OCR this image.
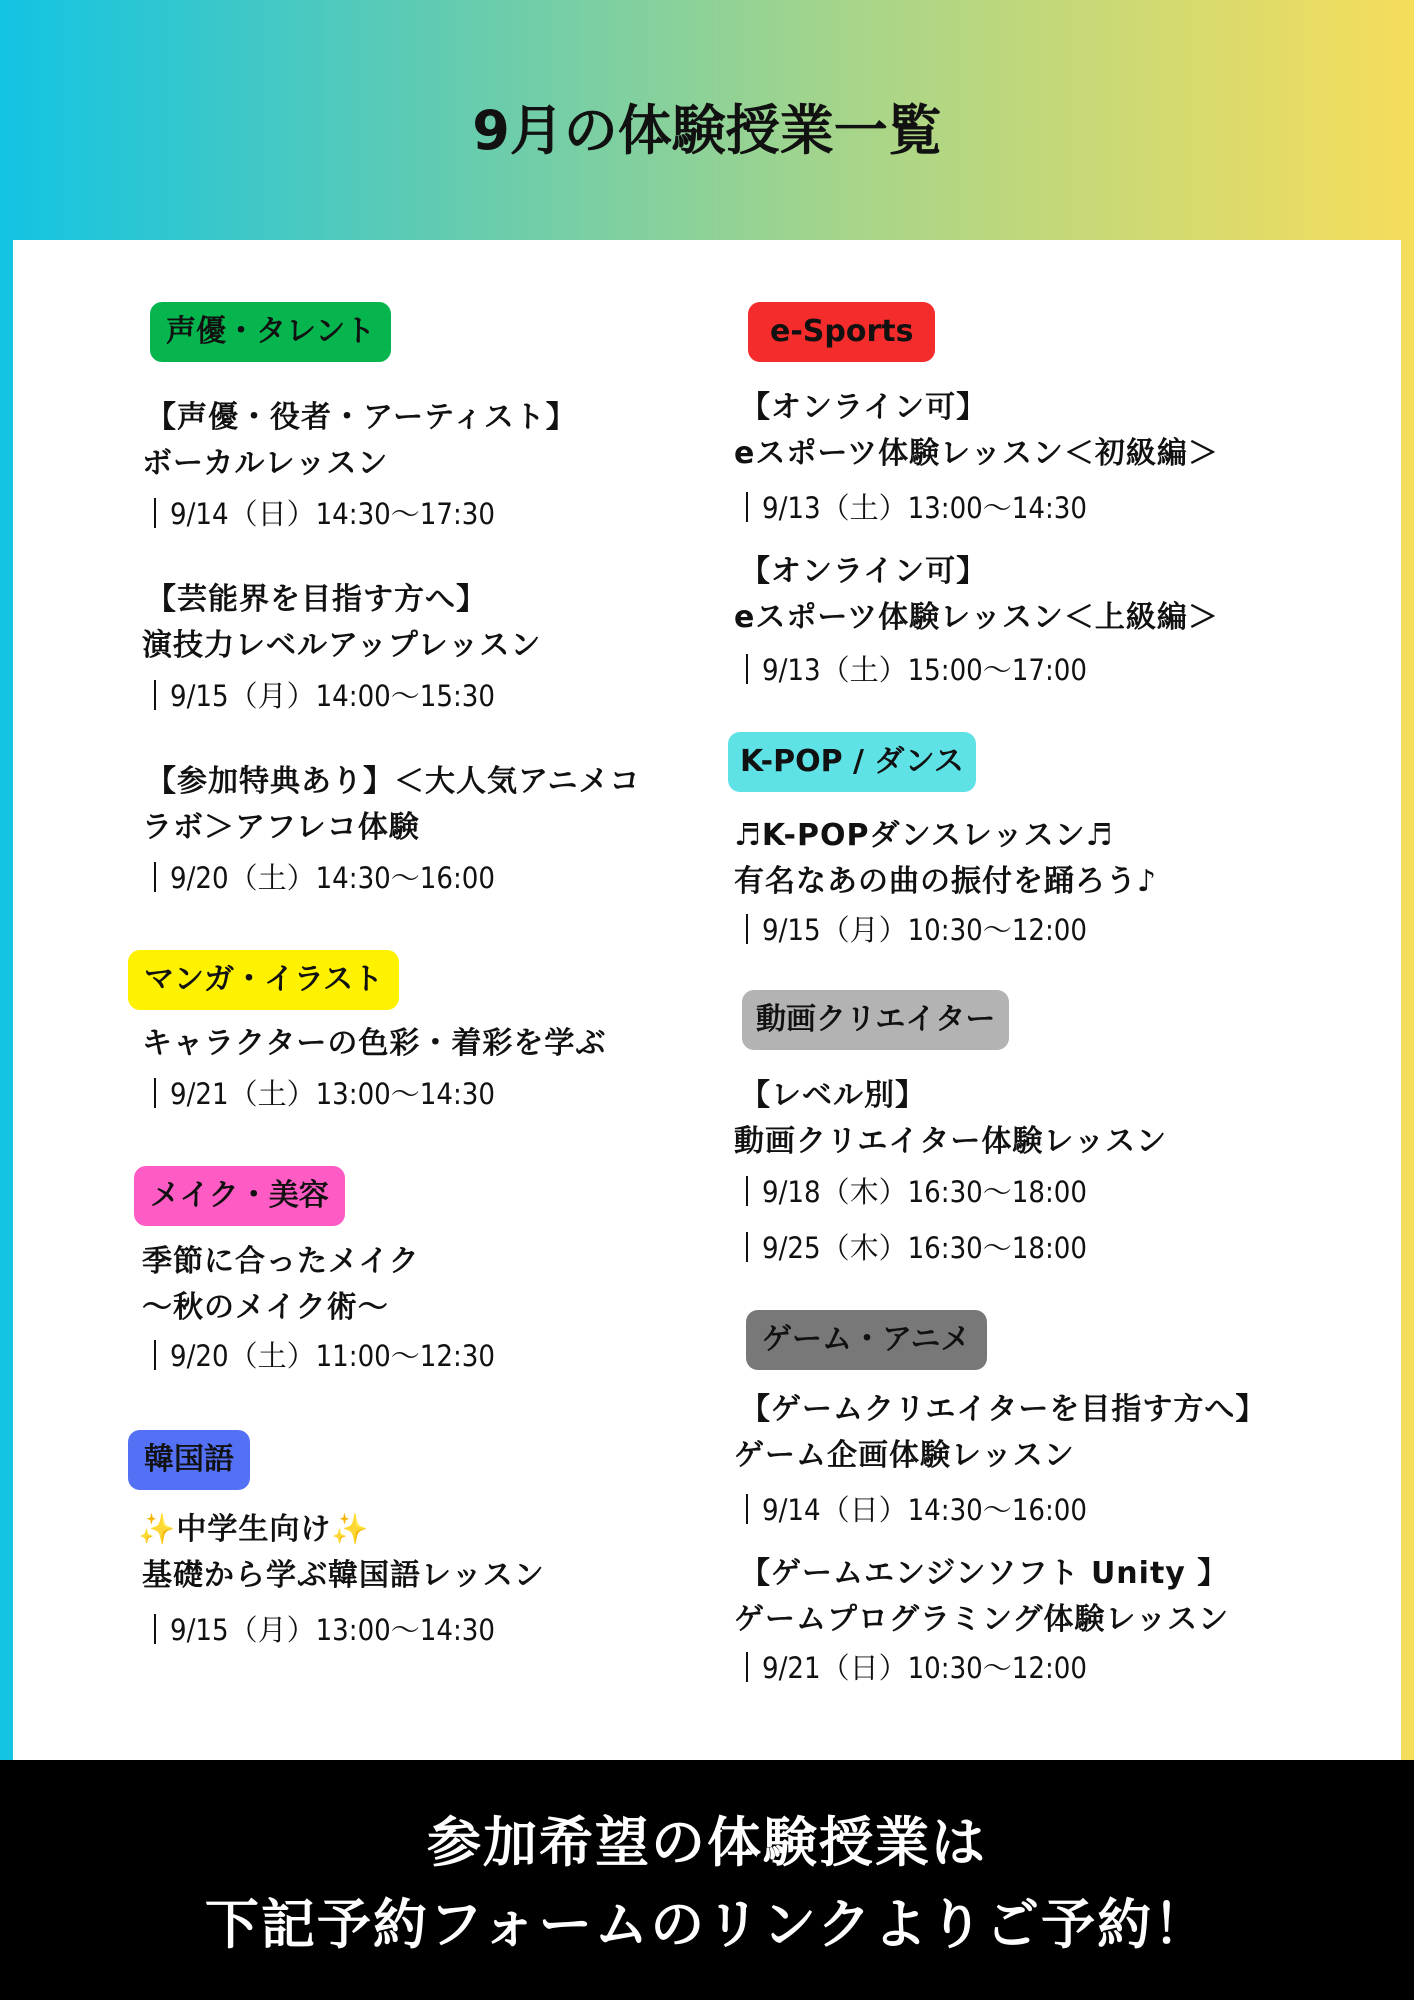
9月の体験授業一覧
声優・タレント
【声優・役者・アーティスト】
ボーカルレッスン
9/14（日）14:30〜17:30
【芸能界を目指す方へ】
演技力レベルアップレッスン
9/15（月）14:00〜15:30
【参加特典あり】＜大人気アニメコ
ラボ＞アフレコ体験
9/20（土）14:30〜16:00
マンガ・イラスト
キャラクターの色彩・着彩を学ぶ
9/21（土）13:00〜14:30
メイク・美容
季節に合ったメイク
〜秋のメイク術〜
9/20（土）11:00〜12:30
韓国語
✨中学生向け✨
基礎から学ぶ韓国語レッスン
9/15（月）13:00〜14:30
e-Sports
【オンライン可】
eスポーツ体験レッスン＜初級編＞
9/13（土）13:00〜14:30
【オンライン可】
eスポーツ体験レッスン＜上級編＞
9/13（土）15:00〜17:00
K-POP / ダンス
♬K-POPダンスレッスン♬
有名なあの曲の振付を踊ろう♪
9/15（月）10:30〜12:00
動画クリエイター
【レベル別】
動画クリエイター体験レッスン
9/18（木）16:30〜18:00
9/25（木）16:30〜18:00
ゲーム・アニメ
【ゲームクリエイターを目指す方へ】
ゲーム企画体験レッスン
9/14（日）14:30〜16:00
【ゲームエンジンソフト Unity 】
ゲームプログラミング体験レッスン
9/21（日）10:30〜12:00
参加希望の体験授業は
下記予約フォームのリンクよりご予約！
